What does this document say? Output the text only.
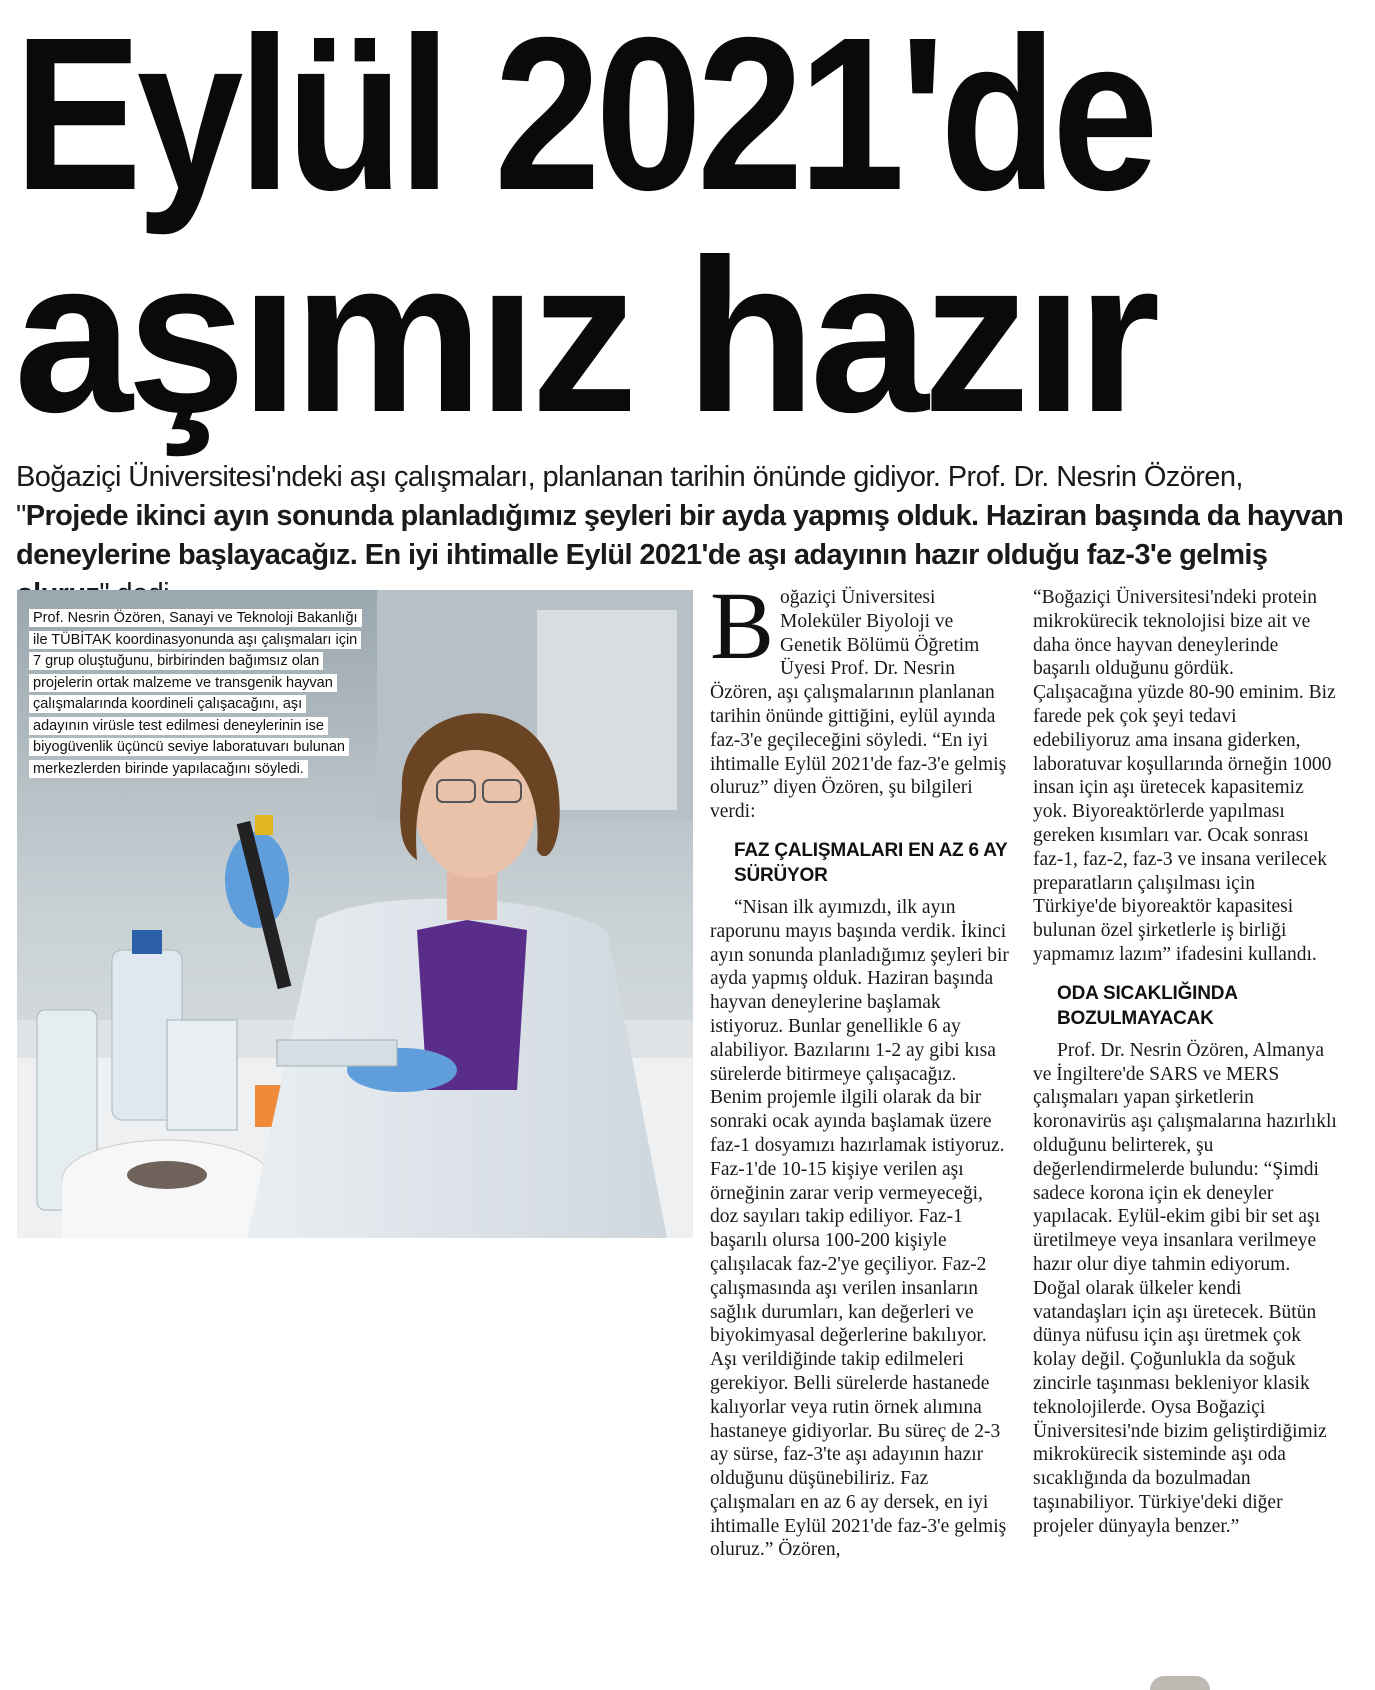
Eylül 2021'de
aşımız hazır
Boğaziçi Üniversitesi'ndeki aşı çalışmaları, planlanan tarihin önünde gidiyor. Prof. Dr. Nesrin Özören, "Projede ikinci ayın sonunda planladığımız şeyleri bir ayda yapmış olduk. Haziran başında da hayvan deneylerine başlayacağız. En iyi ihtimalle Eylül 2021'de aşı adayının hazır olduğu faz-3'e gelmiş
Prof. Nesrin Özören, Sanayi ve Teknoloji Bakanlığı ile TÜBİTAK koordinasyonunda aşı çalışmaları için 7 grup oluştuğunu, birbirinden bağımsız olan projelerin ortak malzeme ve transgenik hayvan çalışmalarında koordineli çalışacağını, aşı adayının virüsle test edilmesi deneylerinin ise biyogüvenlik üçüncü seviye laboratuvarı bulunan merkezlerden birinde yapılacağını söyledi.

Boğaziçi Üniversitesi Moleküler Biyoloji ve Genetik Bölümü Öğretim Üyesi Prof. Dr. Nesrin Özören, aşı çalışmalarının planlanan tarihin önünde gittiğini, eylül ayında faz-3'e geçileceğini söyledi. “En iyi ihtimalle Eylül 2021'de faz-3'e gelmiş oluruz” diyen Özören, şu bilgileri verdi:

FAZ ÇALIŞMALARI EN AZ 6 AY SÜRÜYOR

“Nisan ilk ayımızdı, ilk ayın raporunu mayıs başında verdik. İkinci ayın sonunda planladığımız şeyleri bir ayda yapmış olduk. Haziran başında hayvan deneylerine başlamak istiyoruz. Bunlar genellikle 6 ay alabiliyor. Bazılarını 1-2 ay gibi kısa sürelerde bitirmeye çalışacağız. Benim projemle ilgili olarak da bir sonraki ocak ayında başlamak üzere faz-1 dosyamızı hazırlamak istiyoruz. Faz-1'de 10-15 kişiye verilen aşı örneğinin zarar verip vermeyeceği, doz sayıları takip ediliyor. Faz-1 başarılı olursa 100-200 kişiyle çalışılacak faz-2'ye geçiliyor. Faz-2 çalışmasında aşı verilen insanların sağlık durumları, kan değerleri ve biyokimyasal değerlerine bakılıyor. Aşı verildiğinde takip edilmeleri gerekiyor. Belli sürelerde hastanede kalıyorlar veya rutin örnek alımına hastaneye gidiyorlar. Bu süreç de 2-3 ay sürse, faz-3'te aşı adayının hazır olduğunu düşünebiliriz. Faz çalışmaları en az 6 ay dersek, en iyi ihtimalle Eylül 2021'de faz-3'e gelmiş oluruz.” Özören,

“Boğaziçi Üniversitesi'ndeki protein mikrokürecik teknolojisi bize ait ve daha önce hayvan deneylerinde başarılı olduğunu gördük. Çalışacağına yüzde 80-90 eminim. Biz farede pek çok şeyi tedavi edebiliyoruz ama insana giderken, laboratuvar koşullarında örneğin 1000 insan için aşı üretecek kapasitemiz yok. Biyoreaktörlerde yapılması gereken kısımları var. Ocak sonrası faz-1, faz-2, faz-3 ve insana verilecek preparatların çalışılması için Türkiye'de biyoreaktör kapasitesi bulunan özel şirketlerle iş birliği yapmamız lazım” ifadesini kullandı.

ODA SICAKLIĞINDA BOZULMAYACAK

Prof. Dr. Nesrin Özören, Almanya ve İngiltere'de SARS ve MERS çalışmaları yapan şirketlerin koronavirüs aşı çalışmalarına hazırlıklı olduğunu belirterek, şu değerlendirmelerde bulundu: “Şimdi sadece korona için ek deneyler yapılacak. Eylül-ekim gibi bir set aşı üretilmeye veya insanlara verilmeye hazır olur diye tahmin ediyorum. Doğal olarak ülkeler kendi vatandaşları için aşı üretecek. Bütün dünya nüfusu için aşı üretmek çok kolay değil. Çoğunlukla da soğuk zincirle taşınması bekleniyor klasik teknolojilerde. Oysa Boğaziçi Üniversitesi'nde bizim geliştirdiğimiz mikrokürecik sisteminde aşı oda sıcaklığında da bozulmadan taşınabiliyor. Türkiye'deki diğer projeler dünyayla benzer.”
